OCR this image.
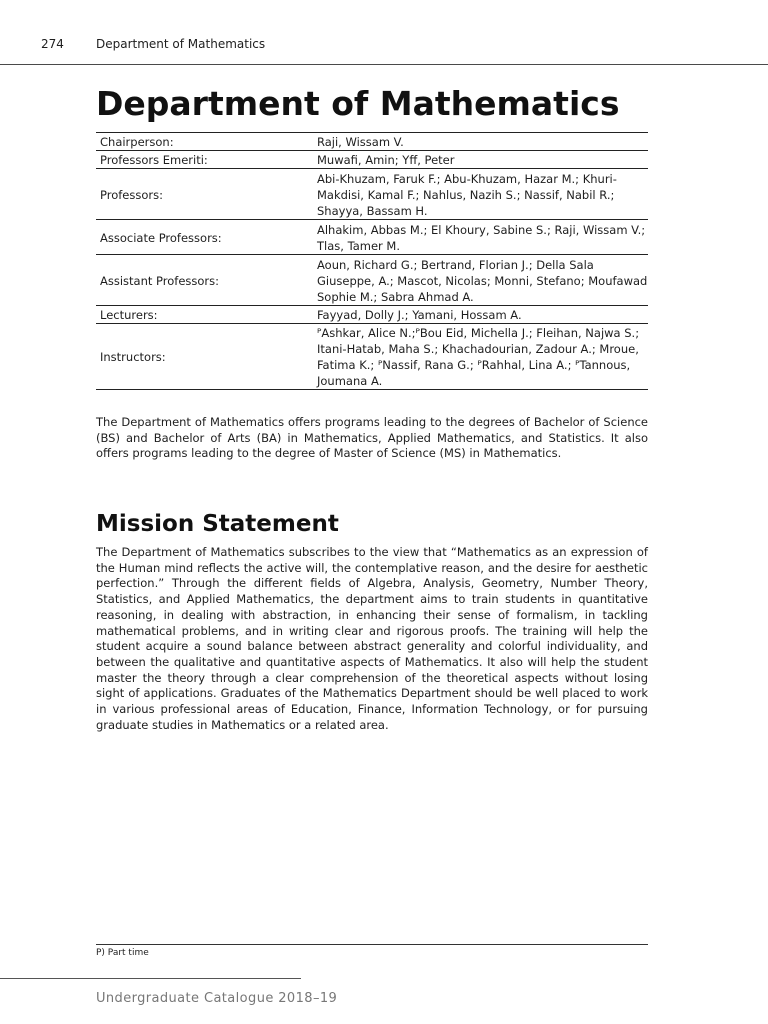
274	Department of Mathematics
Department of Mathematics
Chairperson:	Raji, Wissam V.
Professors Emeriti:	Muwafi, Amin; Yff, Peter
Professors:	Abi-Khuzam, Faruk F.; Abu-Khuzam, Hazar M.; Khuri-Makdisi, Kamal F.; Nahlus, Nazih S.; Nassif, Nabil R.; Shayya, Bassam H.
Associate Professors:	Alhakim, Abbas M.; El Khoury, Sabine S.; Raji, Wissam V.; Tlas, Tamer M.
Assistant Professors:	Aoun, Richard G.; Bertrand, Florian J.; Della Sala Giuseppe, A.; Mascot, Nicolas; Monni, Stefano; Moufawad Sophie M.; Sabra Ahmad A.
Lecturers:	Fayyad, Dolly J.; Yamani, Hossam A.
Instructors:	ᴾAshkar, Alice N.;ᴾBou Eid, Michella J.; Fleihan, Najwa S.; Itani-Hatab, Maha S.; Khachadourian, Zadour A.; Mroue, Fatima K.; ᴾNassif, Rana G.; ᴾRahhal, Lina A.; ᴾTannous, Joumana A.

The Department of Mathematics offers programs leading to the degrees of Bachelor of Science (BS) and Bachelor of Arts (BA) in Mathematics, Applied Mathematics, and Statistics. It also offers programs leading to the degree of Master of Science (MS) in Mathematics.

Mission Statement

The Department of Mathematics subscribes to the view that “Mathematics as an expression of the Human mind reflects the active will, the contemplative reason, and the desire for aesthetic perfection.” Through the different fields of Algebra, Analysis, Geometry, Number Theory, Statistics, and Applied Mathematics, the department aims to train students in quantitative reasoning, in dealing with abstraction, in enhancing their sense of formalism, in tackling mathematical problems, and in writing clear and rigorous proofs. The training will help the student acquire a sound balance between abstract generality and colorful individuality, and between the qualitative and quantitative aspects of Mathematics. It also will help the student master the theory through a clear comprehension of the theoretical aspects without losing sight of applications. Graduates of the Mathematics Department should be well placed to work in various professional areas of Education, Finance, Information Technology, or for pursuing graduate studies in Mathematics or a related area.

P) Part time
Undergraduate Catalogue 2018–19
